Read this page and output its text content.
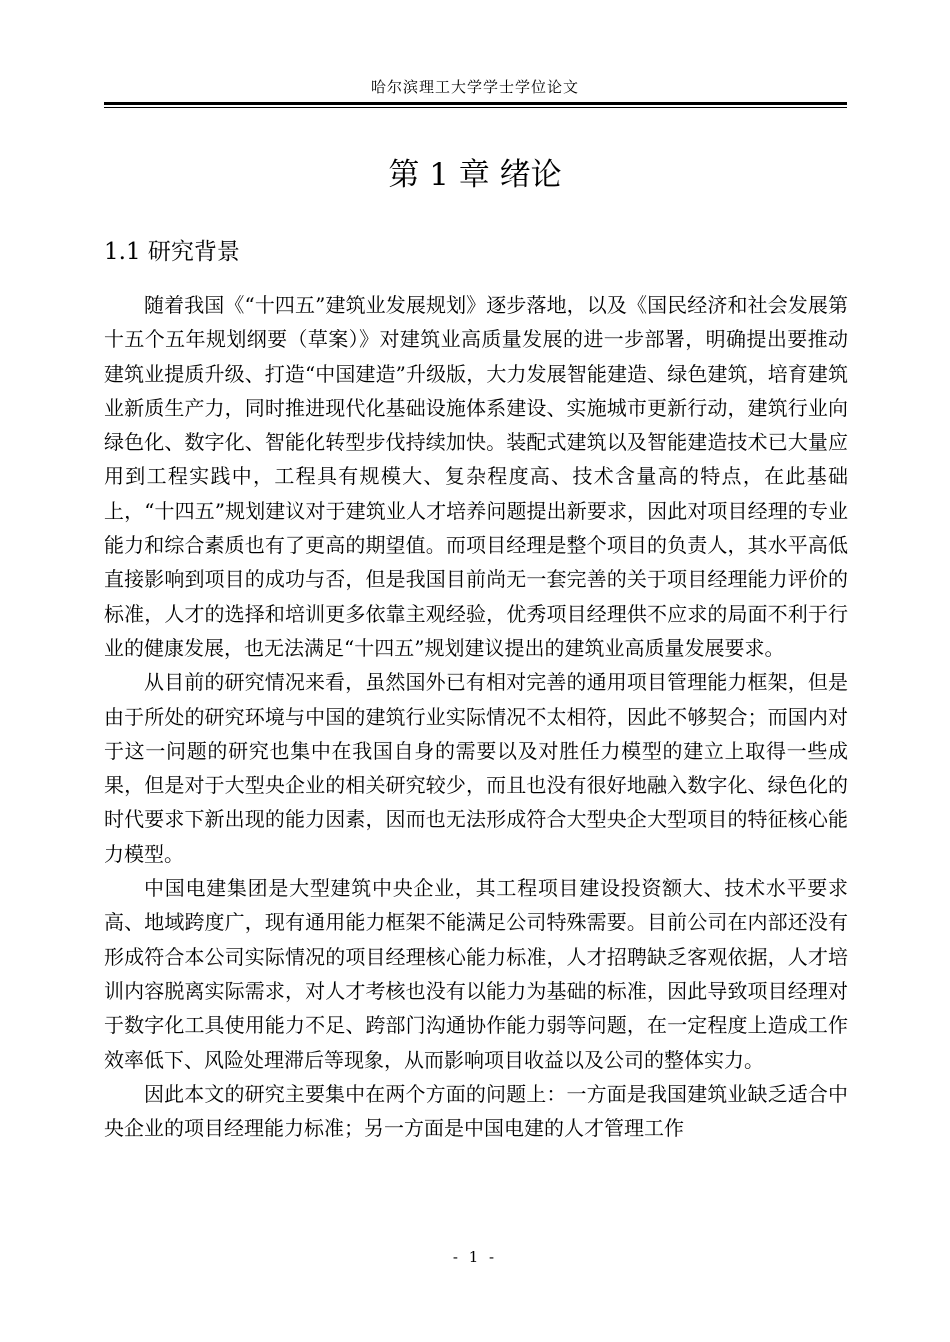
哈尔滨理工大学学士学位论文
第 1 章 绪论
1.1 研究背景

随着我国《“十四五”建筑业发展规划》逐步落地，以及《国民经济和社会发展第十五个五年规划纲要（草案）》对建筑业高质量发展的进一步部署，明确提出要推动建筑业提质升级、打造“中国建造”升级版，大力发展智能建造、绿色建筑，培育建筑业新质生产力，同时推进现代化基础设施体系建设、实施城市更新行动，建筑行业向绿色化、数字化、智能化转型步伐持续加快。装配式建筑以及智能建造技术已大量应用到工程实践中，工程具有规模大、复杂程度高、技术含量高的特点，在此基础上，“十四五”规划建议对于建筑业人才培养问题提出新要求，因此对项目经理的专业能力和综合素质也有了更高的期望值。而项目经理是整个项目的负责人，其水平高低直接影响到项目的成功与否，但是我国目前尚无一套完善的关于项目经理能力评价的标准，人才的选择和培训更多依靠主观经验，优秀项目经理供不应求的局面不利于行业的健康发展，也无法满足“十四五”规划建议提出的建筑业高质量发展要求。

从目前的研究情况来看，虽然国外已有相对完善的通用项目管理能力框架，但是由于所处的研究环境与中国的建筑行业实际情况不太相符，因此不够契合；而国内对于这一问题的研究也集中在我国自身的需要以及对胜任力模型的建立上取得一些成果，但是对于大型央企业的相关研究较少，而且也没有很好地融入数字化、绿色化的时代要求下新出现的能力因素，因而也无法形成符合大型央企大型项目的特征核心能力模型。

中国电建集团是大型建筑中央企业，其工程项目建设投资额大、技术水平要求高、地域跨度广，现有通用能力框架不能满足公司特殊需要。目前公司在内部还没有形成符合本公司实际情况的项目经理核心能力标准，人才招聘缺乏客观依据，人才培训内容脱离实际需求，对人才考核也没有以能力为基础的标准，因此导致项目经理对于数字化工具使用能力不足、跨部门沟通协作能力弱等问题，在一定程度上造成工作效率低下、风险处理滞后等现象，从而影响项目收益以及公司的整体实力。

因此本文的研究主要集中在两个方面的问题上：一方面是我国建筑业缺乏适合中央企业的项目经理能力标准；另一方面是中国电建的人才管理工作

- 1 -
